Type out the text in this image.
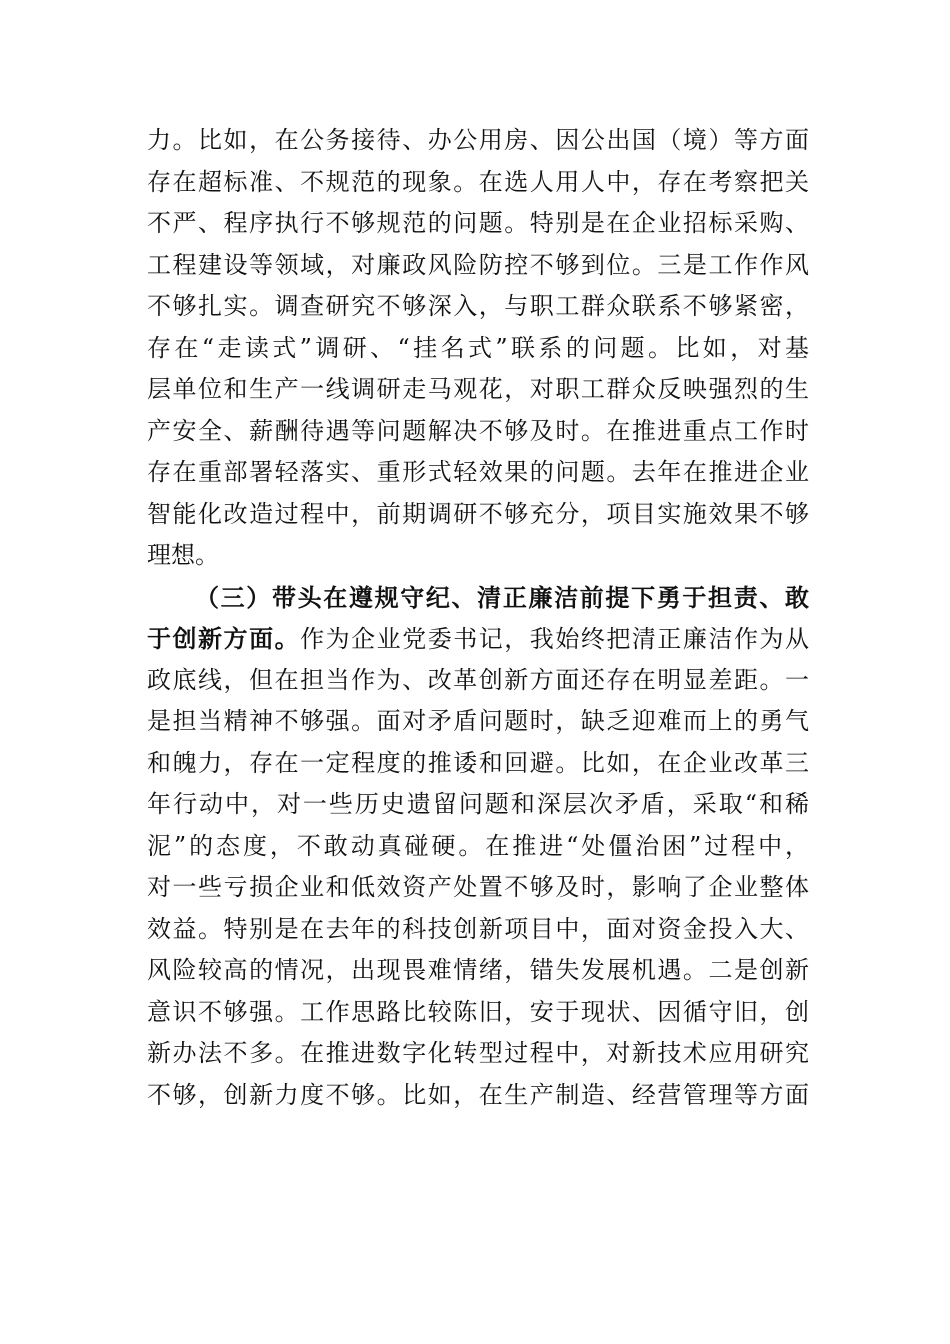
力。比如，在公务接待、办公用房、因公出国（境）等方面
存在超标准、不规范的现象。在选人用人中，存在考察把关
不严、程序执行不够规范的问题。特别是在企业招标采购、
工程建设等领域，对廉政风险防控不够到位。三是工作作风
不够扎实。调查研究不够深入，与职工群众联系不够紧密，
存在“走读式”调研、“挂名式”联系的问题。比如，对基
层单位和生产一线调研走马观花，对职工群众反映强烈的生
产安全、薪酬待遇等问题解决不够及时。在推进重点工作时
存在重部署轻落实、重形式轻效果的问题。去年在推进企业
智能化改造过程中，前期调研不够充分，项目实施效果不够
理想。
（三）带头在遵规守纪、清正廉洁前提下勇于担责、敢
于创新方面。作为企业党委书记，我始终把清正廉洁作为从
政底线，但在担当作为、改革创新方面还存在明显差距。一
是担当精神不够强。面对矛盾问题时，缺乏迎难而上的勇气
和魄力，存在一定程度的推诿和回避。比如，在企业改革三
年行动中，对一些历史遗留问题和深层次矛盾，采取“和稀
泥”的态度，不敢动真碰硬。在推进“处僵治困”过程中，
对一些亏损企业和低效资产处置不够及时，影响了企业整体
效益。特别是在去年的科技创新项目中，面对资金投入大、
风险较高的情况，出现畏难情绪，错失发展机遇。二是创新
意识不够强。工作思路比较陈旧，安于现状、因循守旧，创
新办法不多。在推进数字化转型过程中，对新技术应用研究
不够，创新力度不够。比如，在生产制造、经营管理等方面
